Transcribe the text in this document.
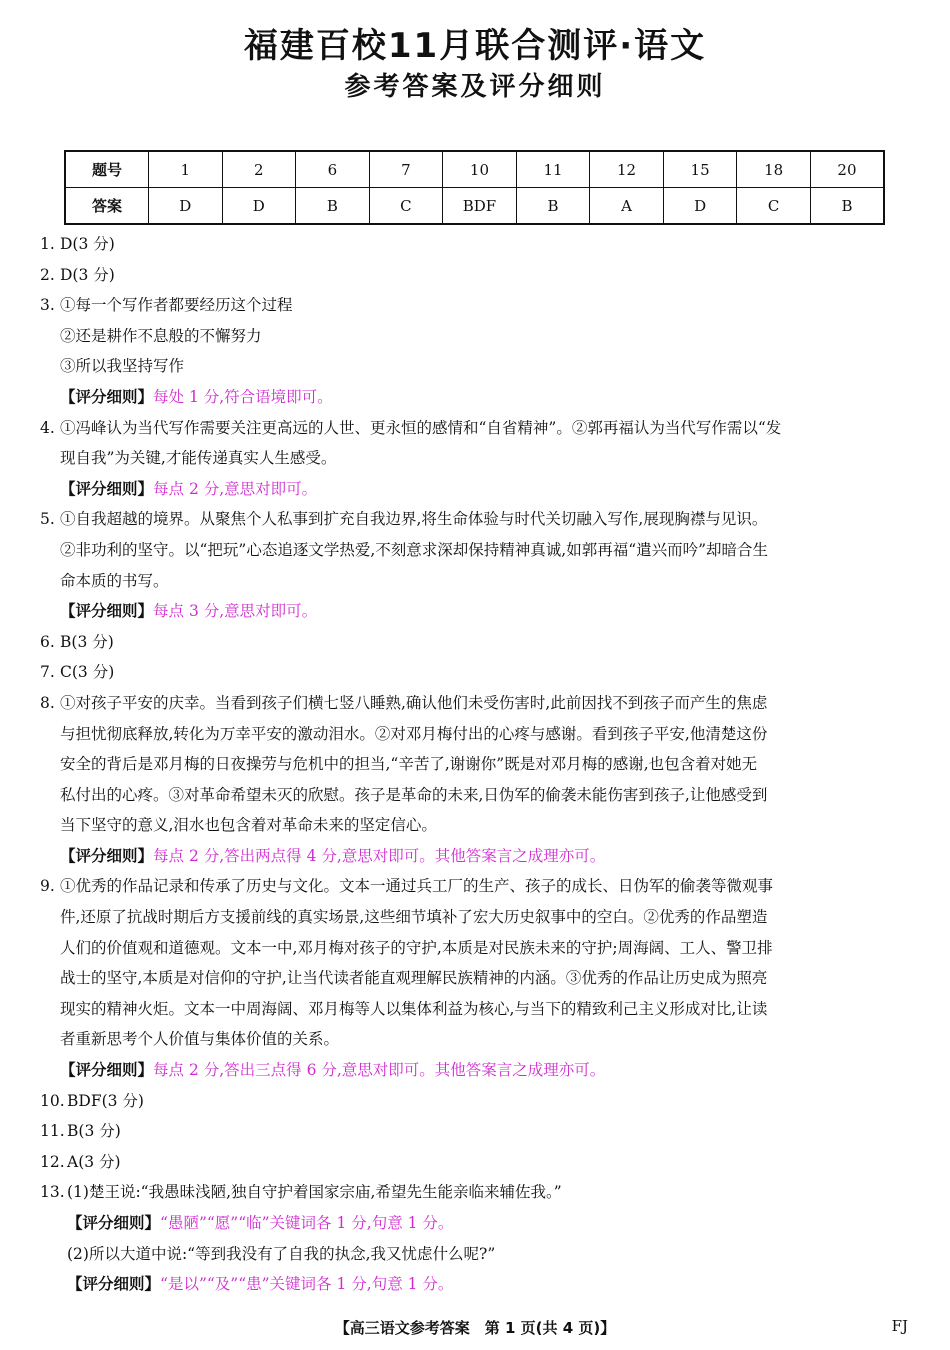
福建百校11月联合测评·语文
参考答案及评分细则
题号	1	2	6	7	10	11	12	15	18	20
答案	D	D	B	C	BDF	B	A	D	C	B
1. D(3 分)
2. D(3 分)
3. ①每一个写作者都要经历这个过程
②还是耕作不息般的不懈努力
③所以我坚持写作
【评分细则】每处 1 分,符合语境即可。
4. ①冯峰认为当代写作需要关注更高远的人世、更永恒的感情和“自省精神”。②郭再福认为当代写作需以“发
现自我”为关键,才能传递真实人生感受。
【评分细则】每点 2 分,意思对即可。
5. ①自我超越的境界。从聚焦个人私事到扩充自我边界,将生命体验与时代关切融入写作,展现胸襟与见识。
②非功利的坚守。以“把玩”心态追逐文学热爱,不刻意求深却保持精神真诚,如郭再福“遣兴而吟”却暗合生
命本质的书写。
【评分细则】每点 3 分,意思对即可。
6. B(3 分)
7. C(3 分)
8. ①对孩子平安的庆幸。当看到孩子们横七竖八睡熟,确认他们未受伤害时,此前因找不到孩子而产生的焦虑
与担忧彻底释放,转化为万幸平安的激动泪水。②对邓月梅付出的心疼与感谢。看到孩子平安,他清楚这份
安全的背后是邓月梅的日夜操劳与危机中的担当,“辛苦了,谢谢你”既是对邓月梅的感谢,也包含着对她无
私付出的心疼。③对革命希望未灭的欣慰。孩子是革命的未来,日伪军的偷袭未能伤害到孩子,让他感受到
当下坚守的意义,泪水也包含着对革命未来的坚定信心。
【评分细则】每点 2 分,答出两点得 4 分,意思对即可。其他答案言之成理亦可。
9. ①优秀的作品记录和传承了历史与文化。文本一通过兵工厂的生产、孩子的成长、日伪军的偷袭等微观事
件,还原了抗战时期后方支援前线的真实场景,这些细节填补了宏大历史叙事中的空白。②优秀的作品塑造
人们的价值观和道德观。文本一中,邓月梅对孩子的守护,本质是对民族未来的守护;周海阔、工人、警卫排
战士的坚守,本质是对信仰的守护,让当代读者能直观理解民族精神的内涵。③优秀的作品让历史成为照亮
现实的精神火炬。文本一中周海阔、邓月梅等人以集体利益为核心,与当下的精致利己主义形成对比,让读
者重新思考个人价值与集体价值的关系。
【评分细则】每点 2 分,答出三点得 6 分,意思对即可。其他答案言之成理亦可。
10. BDF(3 分)
11. B(3 分)
12. A(3 分)
13. (1)楚王说:“我愚昧浅陋,独自守护着国家宗庙,希望先生能亲临来辅佐我。”
【评分细则】“愚陋”“愿”“临”关键词各 1 分,句意 1 分。
(2)所以大道中说:“等到我没有了自我的执念,我又忧虑什么呢?”
【评分细则】“是以”“及”“患”关键词各 1 分,句意 1 分。
【高三语文参考答案　第 1 页(共 4 页)】	FJ
